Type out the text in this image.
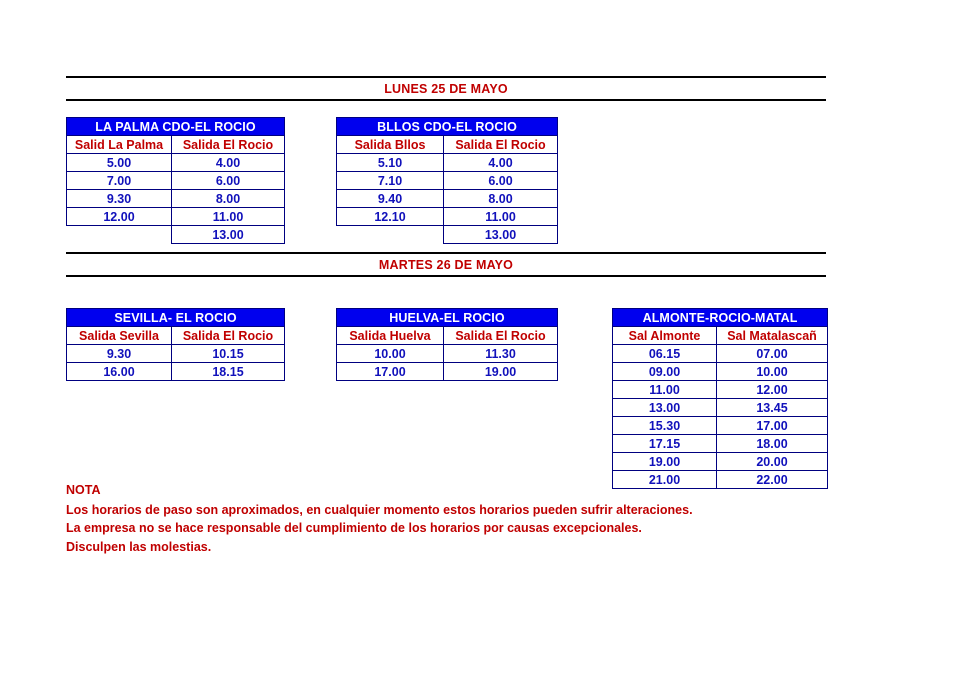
LUNES 25 DE MAYO
LA PALMA CDO-EL ROCIO	
Salid La Palma	Salida El Rocio
5.00	4.00
7.00	6.00
9.30	8.00
12.00	11.00
	13.00
BLLOS CDO-EL ROCIO	
Salida Bllos	Salida El Rocio
5.10	4.00
7.10	6.00
9.40	8.00
12.10	11.00
	13.00
MARTES 26 DE MAYO
SEVILLA- EL ROCIO	
Salida Sevilla	Salida El Rocio
9.30	10.15
16.00	18.15
HUELVA-EL ROCIO	
Salida Huelva	Salida El Rocio
10.00	11.30
17.00	19.00
ALMONTE-ROCIO-MATAL	
Sal Almonte	Sal Matalascañ
06.15	07.00
09.00	10.00
11.00	12.00
13.00	13.45
15.30	17.00
17.15	18.00
19.00	20.00
21.00	22.00
NOTA
Los horarios de paso son aproximados, en cualquier momento estos horarios pueden sufrir alteraciones.
La empresa no se hace responsable del cumplimiento de los horarios por causas excepcionales.
Disculpen las molestias.
